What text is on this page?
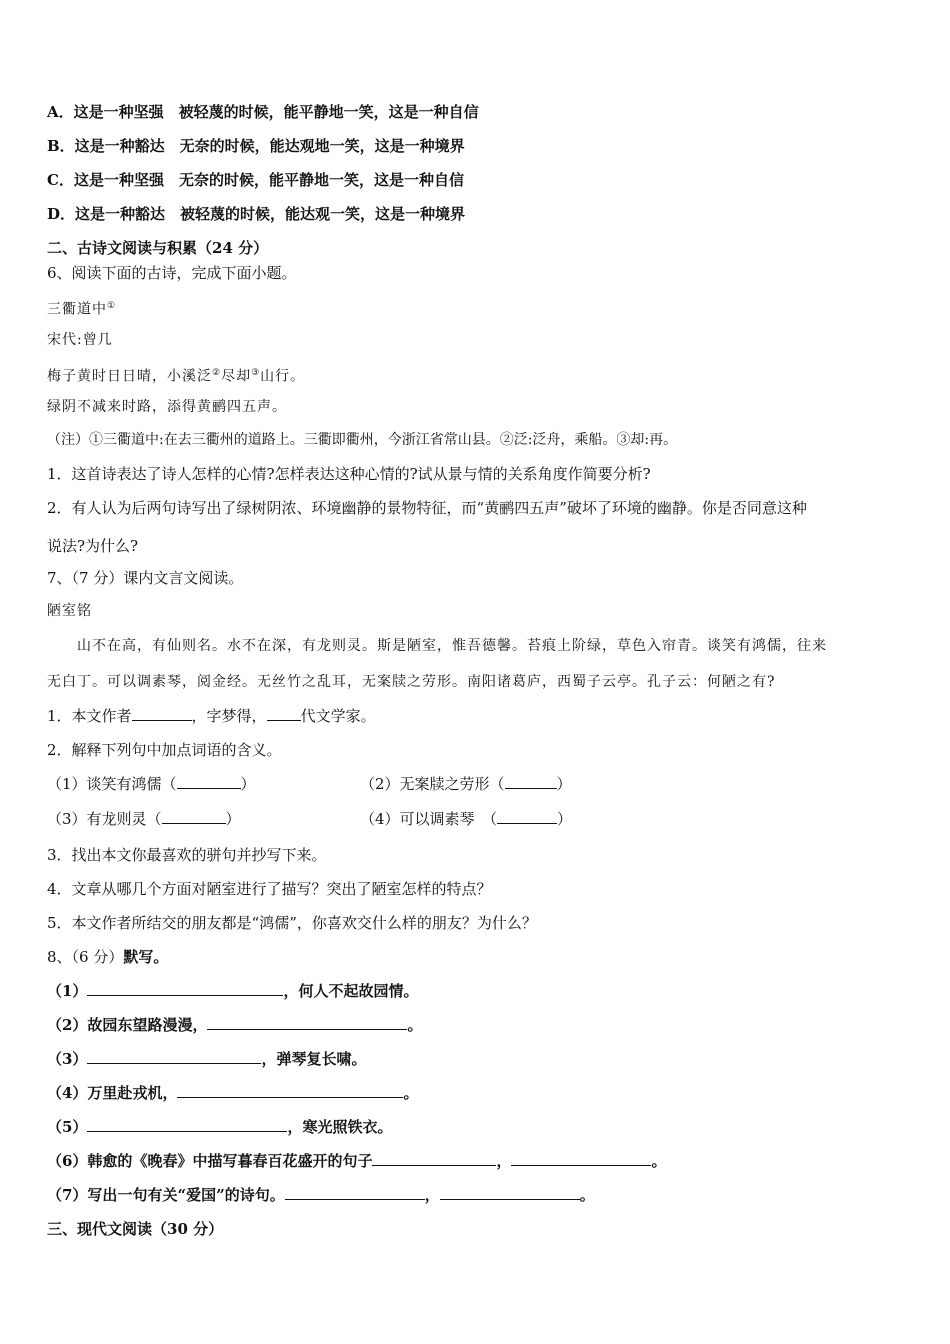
A．这是一种坚强　被轻蔑的时候，能平静地一笑，这是一种自信
B．这是一种豁达　无奈的时候，能达观地一笑，这是一种境界
C．这是一种坚强　无奈的时候，能平静地一笑，这是一种自信
D．这是一种豁达　被轻蔑的时候，能达观一笑，这是一种境界
二、古诗文阅读与积累（24 分）
6、阅读下面的古诗，完成下面小题。
三衢道中①
宋代:曾几
梅子黄时日日晴，小溪泛②尽却③山行。
绿阴不减来时路，添得黄鹂四五声。
（注）①三衢道中:在去三衢州的道路上。三衢即衢州，今浙江省常山县。②泛:泛舟，乘船。③却:再。
1．这首诗表达了诗人怎样的心情?怎样表达这种心情的?试从景与情的关系角度作简要分析?
2．有人认为后两句诗写出了绿树阴浓、环境幽静的景物特征，而“黄鹂四五声”破坏了环境的幽静。你是否同意这种
说法?为什么?
7、（7 分）课内文言文阅读。
陋室铭
　　山不在高，有仙则名。水不在深，有龙则灵。斯是陋室，惟吾德馨。苔痕上阶绿，草色入帘青。谈笑有鸿儒，往来
无白丁。可以调素琴，阅金经。无丝竹之乱耳，无案牍之劳形。南阳诸葛庐，西蜀子云亭。孔子云：何陋之有?
1．本文作者	，字梦得， 代文学家。
2．解释下列句中加点词语的含义。
（1）谈笑有鸿儒（	）	（2）无案牍之劳形（	）
（3）有龙则灵（	）	（4）可以调素琴　（	）
3．找出本文你最喜欢的骈句并抄写下来。
4．文章从哪几个方面对陋室进行了描写？突出了陋室怎样的特点？
5．本文作者所结交的朋友都是“鸿儒”，你喜欢交什么样的朋友？为什么？
8、（6 分）默写。
（1）	，何人不起故园情。
（2）故园东望路漫漫，	。
（3）	，弹琴复长啸。
（4）万里赴戎机，	。
（5）	，寒光照铁衣。
（6）韩愈的《晚春》中描写暮春百花盛开的句子	，	。
（7）写出一句有关“爱国”的诗句。	，	。
三、现代文阅读（30 分）
